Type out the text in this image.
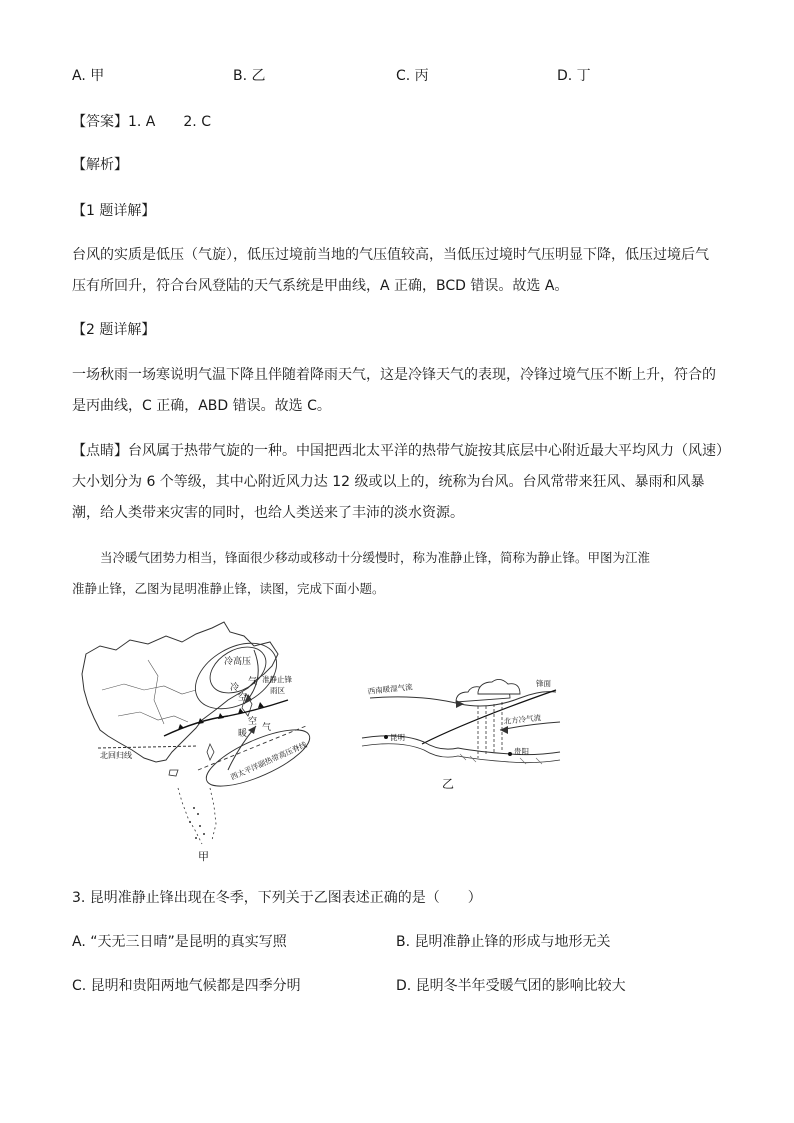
A. 甲	B. 乙	C. 丙	D. 丁
【答案】1. A　　2. C
【解析】
【1 题详解】
台风的实质是低压（气旋），低压过境前当地的气压值较高，当低压过境时气压明显下降，低压过境后气
压有所回升，符合台风登陆的天气系统是甲曲线，A 正确，BCD 错误。故选 A。
【2 题详解】
一场秋雨一场寒说明气温下降且伴随着降雨天气，这是冷锋天气的表现，冷锋过境气压不断上升，符合的
是丙曲线，C 正确，ABD 错误。故选 C。
【点睛】台风属于热带气旋的一种。中国把西北太平洋的热带气旋按其底层中心附近最大平均风力（风速）
大小划分为 6 个等级，其中心附近风力达 12 级或以上的，统称为台风。台风常带来狂风、暴雨和风暴
潮，给人类带来灾害的同时，也给人类送来了丰沛的淡水资源。
当冷暖气团势力相当，锋面很少移动或移动十分缓慢时，称为准静止锋，简称为静止锋。甲图为江淮
准静止锋，乙图为昆明准静止锋，读图，完成下面小题。
冷高压
气
冷
空
准静止锋
雨区
空
气
暖
西太平洋副热带高压脊线
北回归线
甲
西南暖湿气流	锋面
北方冷气流
昆明
贵阳
乙
3. 昆明准静止锋出现在冬季，下列关于乙图表述正确的是（　　）
A. “天无三日晴”是昆明的真实写照	B. 昆明准静止锋的形成与地形无关
C. 昆明和贵阳两地气候都是四季分明	D. 昆明冬半年受暖气团的影响比较大
